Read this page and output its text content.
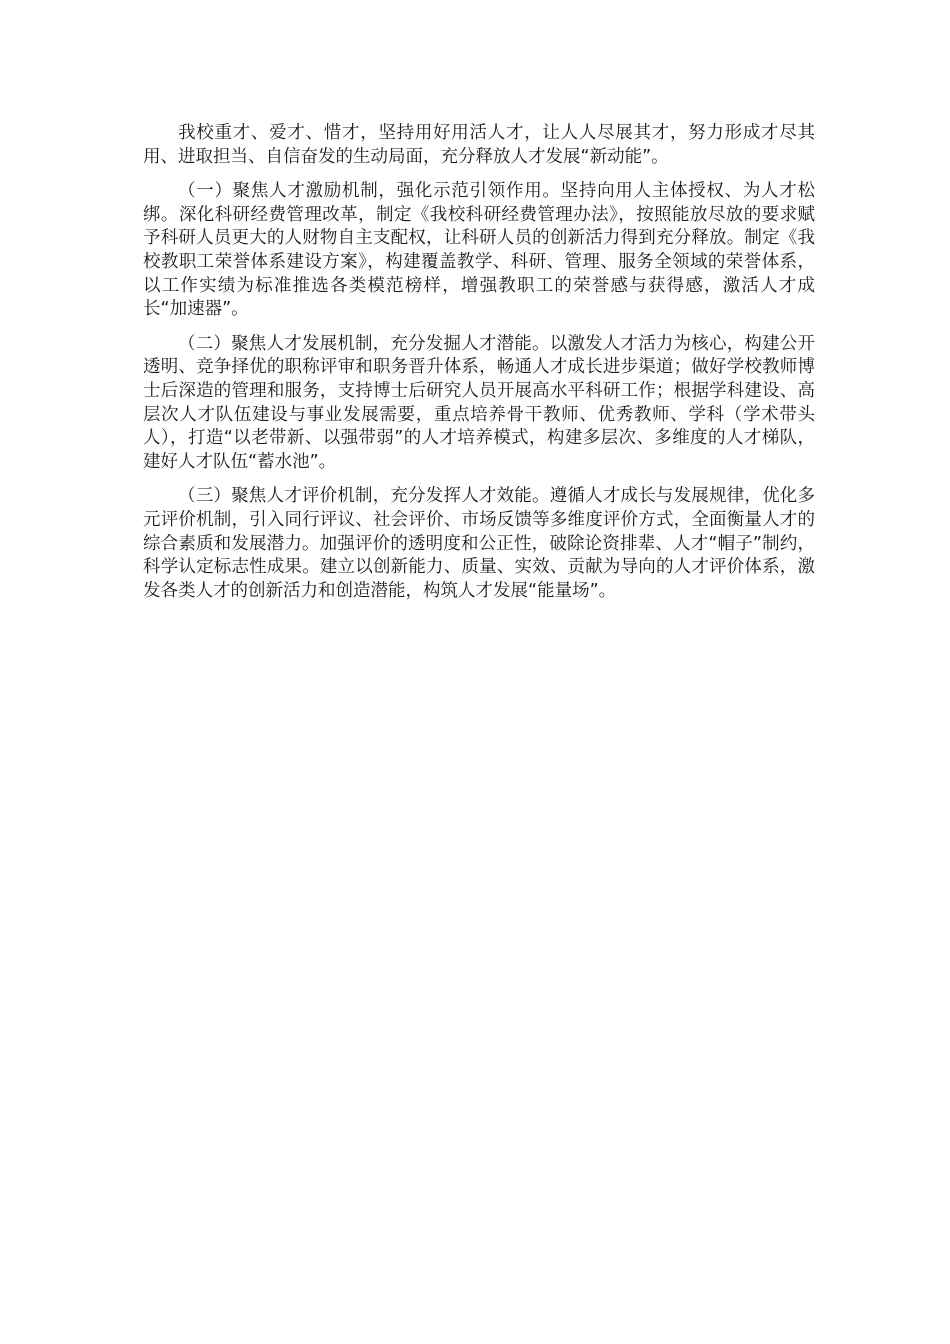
我校重才、爱才、惜才，坚持用好用活人才，让人人尽展其才，努力形成才尽其用、进取担当、自信奋发的生动局面，充分释放人才发展“新动能”。

（一）聚焦人才激励机制，强化示范引领作用。坚持向用人主体授权、为人才松绑。深化科研经费管理改革，制定《我校科研经费管理办法》，按照能放尽放的要求赋予科研人员更大的人财物自主支配权，让科研人员的创新活力得到充分释放。制定《我校教职工荣誉体系建设方案》，构建覆盖教学、科研、管理、服务全领域的荣誉体系，以工作实绩为标准推选各类模范榜样，增强教职工的荣誉感与获得感，激活人才成长“加速器”。

（二）聚焦人才发展机制，充分发掘人才潜能。以激发人才活力为核心，构建公开透明、竞争择优的职称评审和职务晋升体系，畅通人才成长进步渠道；做好学校教师博士后深造的管理和服务，支持博士后研究人员开展高水平科研工作；根据学科建设、高层次人才队伍建设与事业发展需要，重点培养骨干教师、优秀教师、学科（学术带头人），打造“以老带新、以强带弱”的人才培养模式，构建多层次、多维度的人才梯队，建好人才队伍“蓄水池”。

（三）聚焦人才评价机制，充分发挥人才效能。遵循人才成长与发展规律，优化多元评价机制，引入同行评议、社会评价、市场反馈等多维度评价方式，全面衡量人才的综合素质和发展潜力。加强评价的透明度和公正性，破除论资排辈、人才“帽子”制约，科学认定标志性成果。建立以创新能力、质量、实效、贡献为导向的人才评价体系，激发各类人才的创新活力和创造潜能，构筑人才发展“能量场”。
